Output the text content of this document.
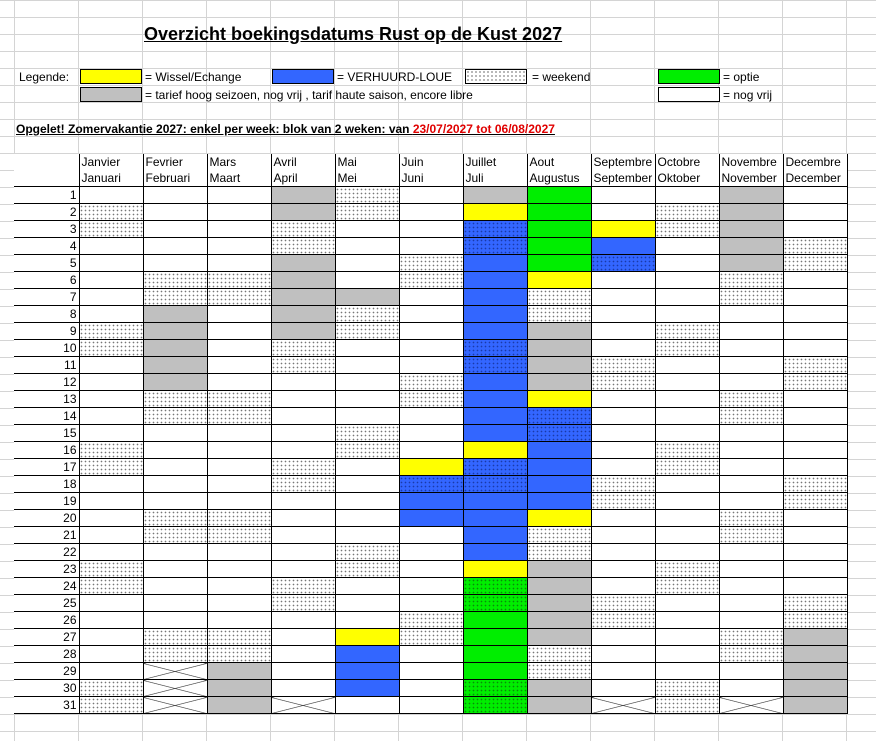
Overzicht boekingsdatums Rust op de Kust 2027
Legende:	= Wissel/Echange
= tarief hoog seizoen, nog vrij , tarif haute saison, encore libre
= VERHUURD-LOUE	= weekend	= optie
= nog vrij
Opgelet! Zomervakantie 2027: enkel per week: blok van 2 weken: van 23/07/2027 tot 06/08/2027
	Janvier	Fevrier	Mars	Avril	Mai	Juin	Juillet	Aout	Septembre	Octobre	Novembre	Decembre
	Januari	Februari	Maart	April	Mei	Juni	Juli	Augustus	September	Oktober	November	December
1												
2												
3												
4												
5												
6												
7												
8												
9												
10												
11												
12												
13												
14												
15												
16												
17												
18												
19												
20												
21												
22												
23												
24												
25												
26												
27												
28												
29												
30												
31												
